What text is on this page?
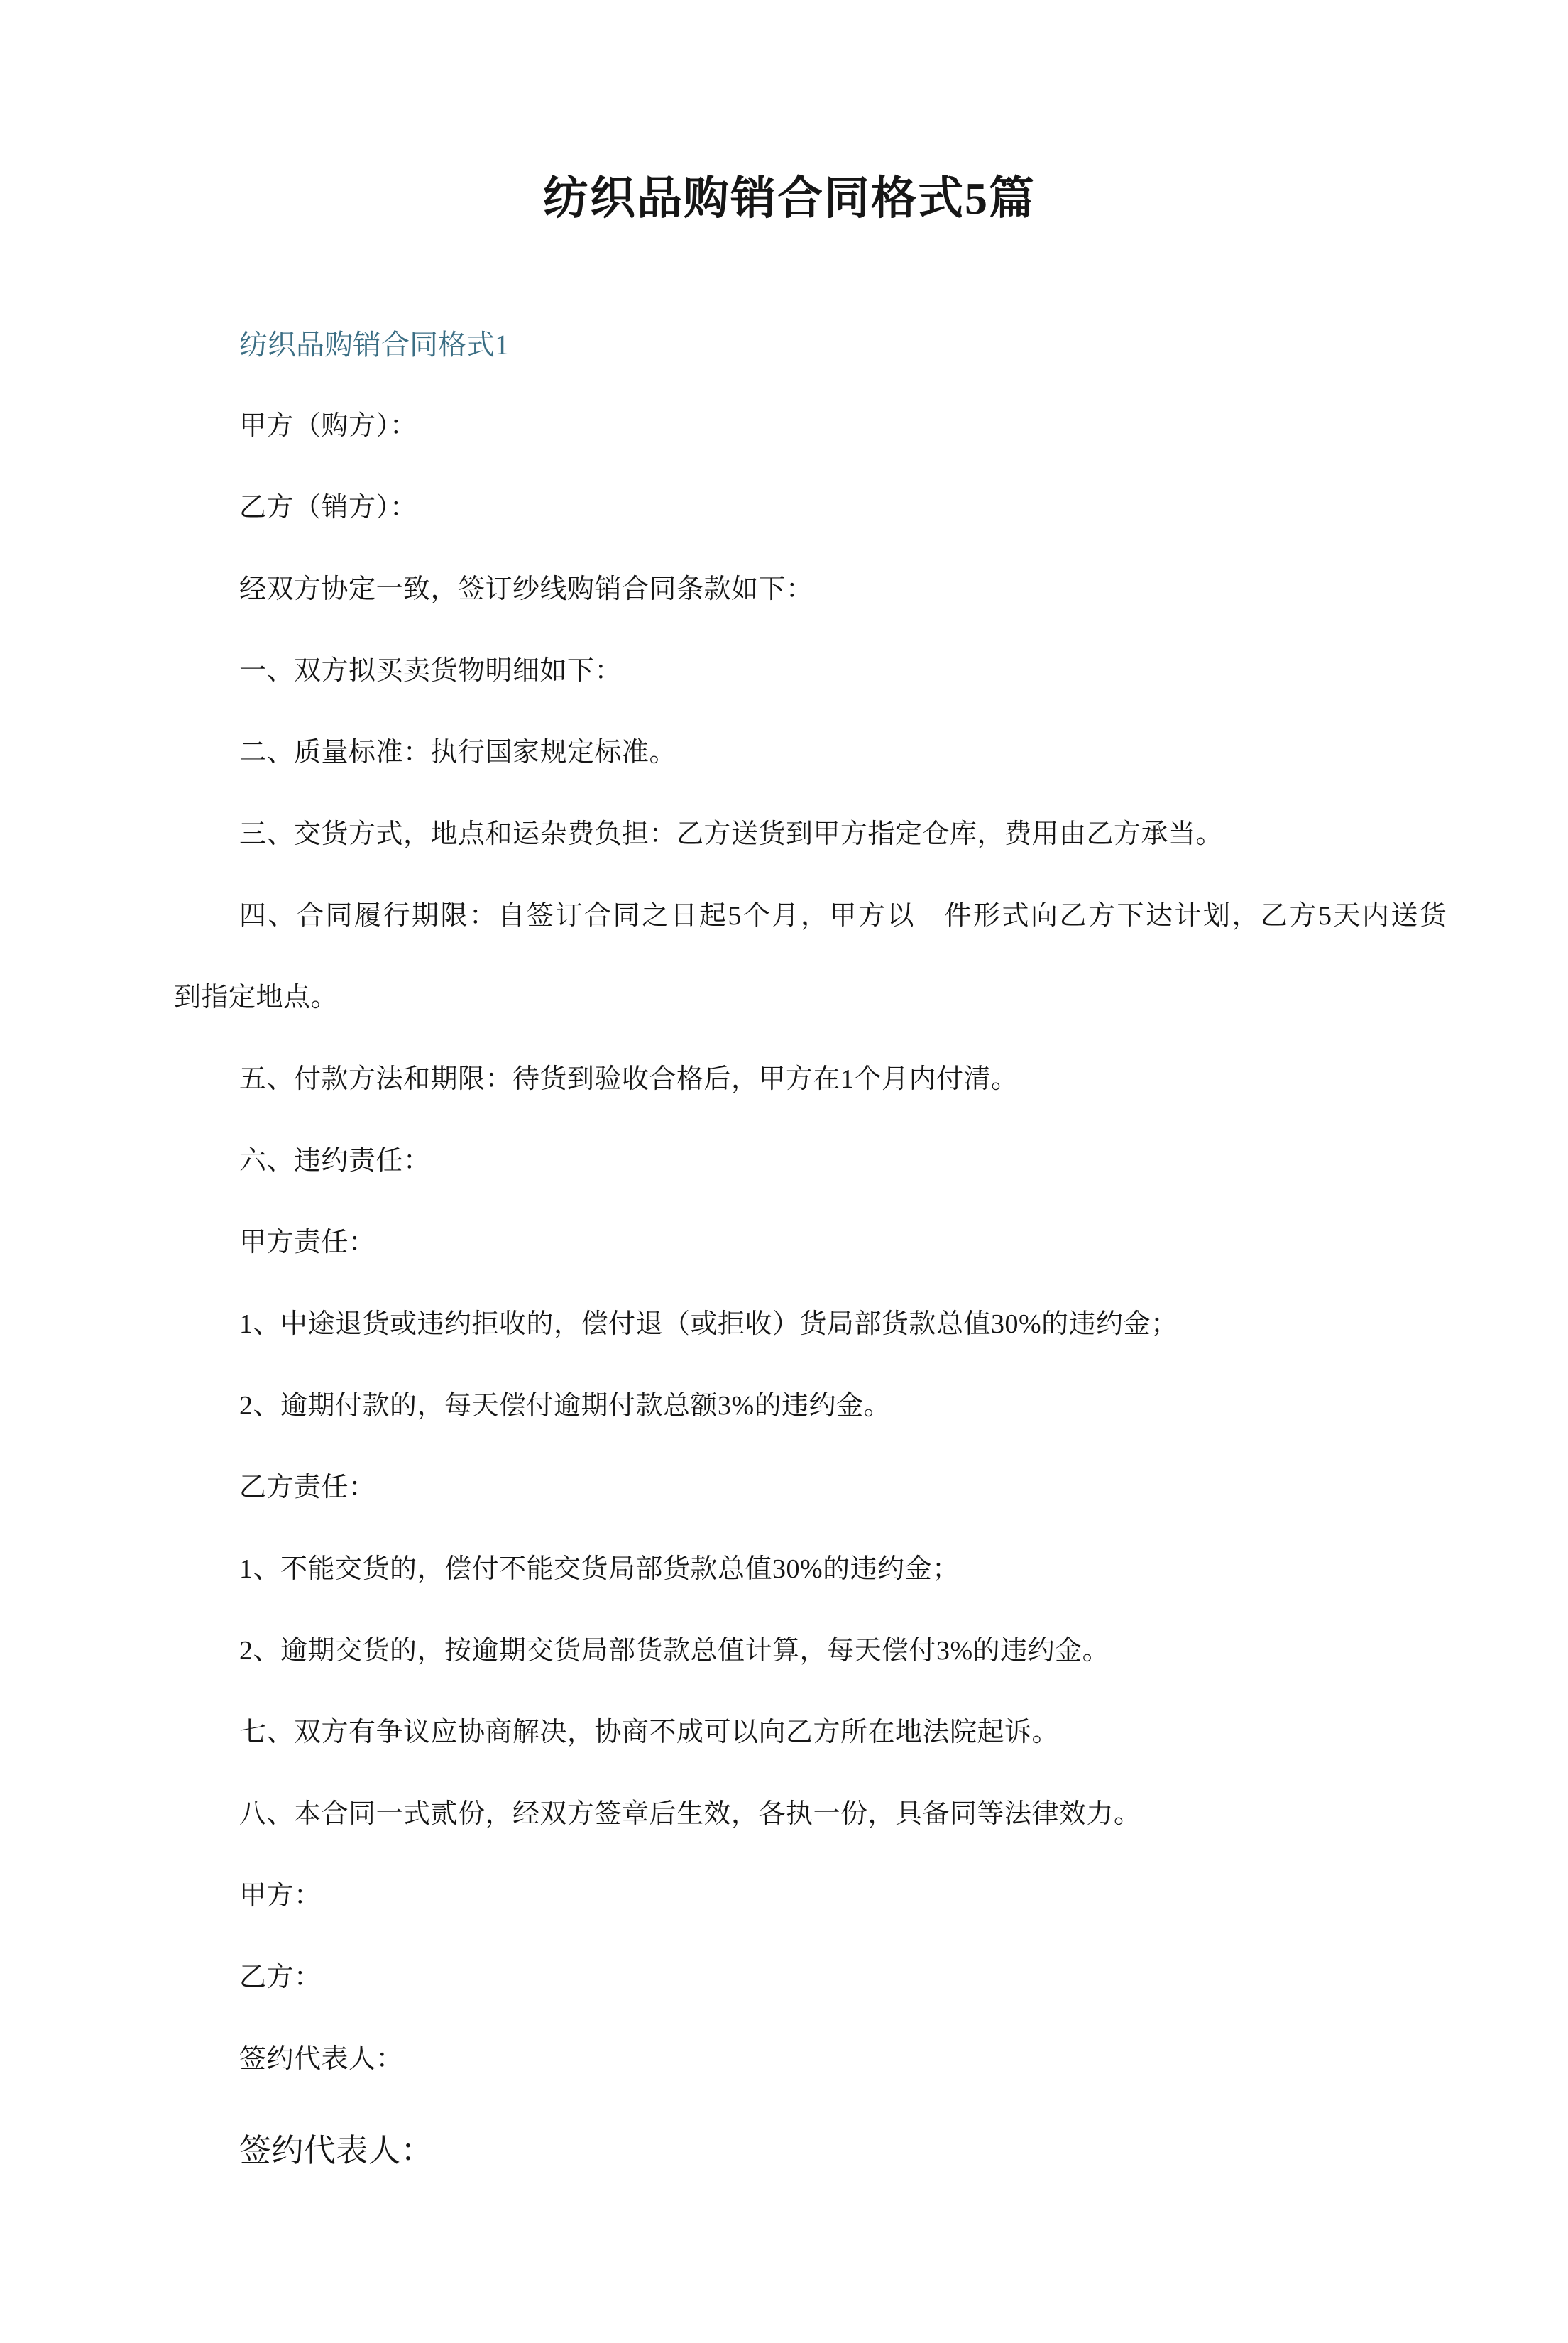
纺织品购销合同格式5篇
纺织品购销合同格式1
甲方（购方）：
乙方（销方）：
经双方协定一致，签订纱线购销合同条款如下：
一、双方拟买卖货物明细如下：
二、质量标准：执行国家规定标准。
三、交货方式，地点和运杂费负担：乙方送货到甲方指定仓库，费用由乙方承当。
四、合同履行期限：自签订合同之日起5个月，甲方以　件形式向乙方下达计划，乙方5天内送货
到指定地点。
五、付款方法和期限：待货到验收合格后，甲方在1个月内付清。
六、违约责任：
甲方责任：
1、中途退货或违约拒收的，偿付退（或拒收）货局部货款总值30%的违约金；
2、逾期付款的，每天偿付逾期付款总额3%的违约金。
乙方责任：
1、不能交货的，偿付不能交货局部货款总值30%的违约金；
2、逾期交货的，按逾期交货局部货款总值计算，每天偿付3%的违约金。
七、双方有争议应协商解决，协商不成可以向乙方所在地法院起诉。
八、本合同一式贰份，经双方签章后生效，各执一份，具备同等法律效力。
甲方：
乙方：
签约代表人：
签约代表人：
